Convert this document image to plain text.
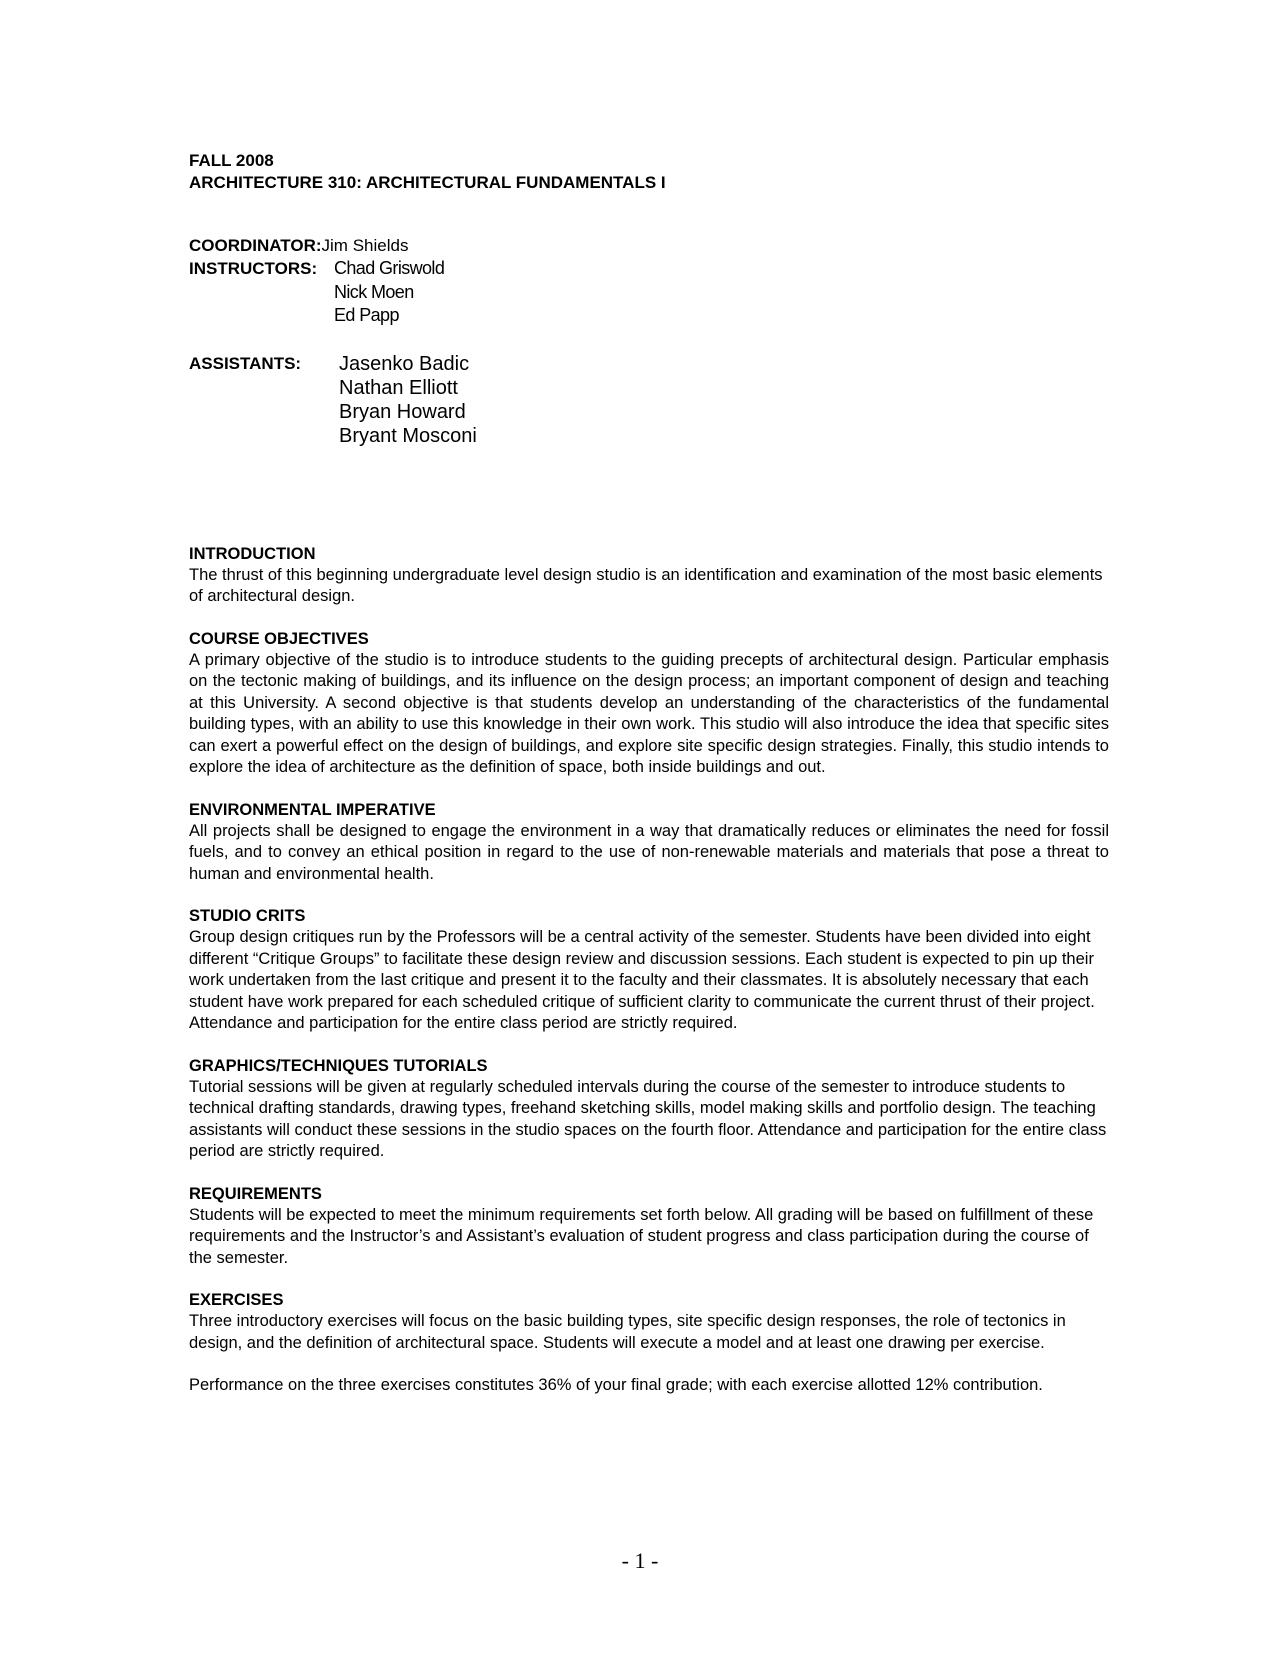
FALL 2008

ARCHITECTURE 310: ARCHITECTURAL FUNDAMENTALS I

COORDINATOR: Jim Shields
INSTRUCTORS: Chad Griswold
Nick Moen
Ed Papp
ASSISTANTS:	Jasenko Badic
Nathan Elliott
Bryan Howard
Bryant Mosconi

INTRODUCTION

The thrust of this beginning undergraduate level design studio is an identification and examination of the most basic elements of architectural design.

COURSE OBJECTIVES

A primary objective of the studio is to introduce students to the guiding precepts of architectural design. Particular emphasis on the tectonic making of buildings, and its influence on the design process; an important component of design and teaching at this University. A second objective is that students develop an understanding of the characteristics of the fundamental building types, with an ability to use this knowledge in their own work. This studio will also introduce the idea that specific sites can exert a powerful effect on the design of buildings, and explore site specific design strategies. Finally, this studio intends to explore the idea of architecture as the definition of space, both inside buildings and out.

ENVIRONMENTAL IMPERATIVE

All projects shall be designed to engage the environment in a way that dramatically reduces or eliminates the need for fossil fuels, and to convey an ethical position in regard to the use of non-renewable materials and materials that pose a threat to human and environmental health.

STUDIO CRITS

Group design critiques run by the Professors will be a central activity of the semester. Students have been divided into eight different “Critique Groups” to facilitate these design review and discussion sessions. Each student is expected to pin up their work undertaken from the last critique and present it to the faculty and their classmates. It is absolutely necessary that each student have work prepared for each scheduled critique of sufficient clarity to communicate the current thrust of their project. Attendance and participation for the entire class period are strictly required.

GRAPHICS/TECHNIQUES TUTORIALS

Tutorial sessions will be given at regularly scheduled intervals during the course of the semester to introduce students to technical drafting standards, drawing types, freehand sketching skills, model making skills and portfolio design. The teaching assistants will conduct these sessions in the studio spaces on the fourth floor. Attendance and participation for the entire class period are strictly required.

REQUIREMENTS

Students will be expected to meet the minimum requirements set forth below. All grading will be based on fulfillment of these requirements and the Instructor’s and Assistant’s evaluation of student progress and class participation during the course of the semester.

EXERCISES

Three introductory exercises will focus on the basic building types, site specific design responses, the role of tectonics in design, and the definition of architectural space. Students will execute a model and at least one drawing per exercise.

Performance on the three exercises constitutes 36% of your final grade; with each exercise allotted 12% contribution.

- 1 -
